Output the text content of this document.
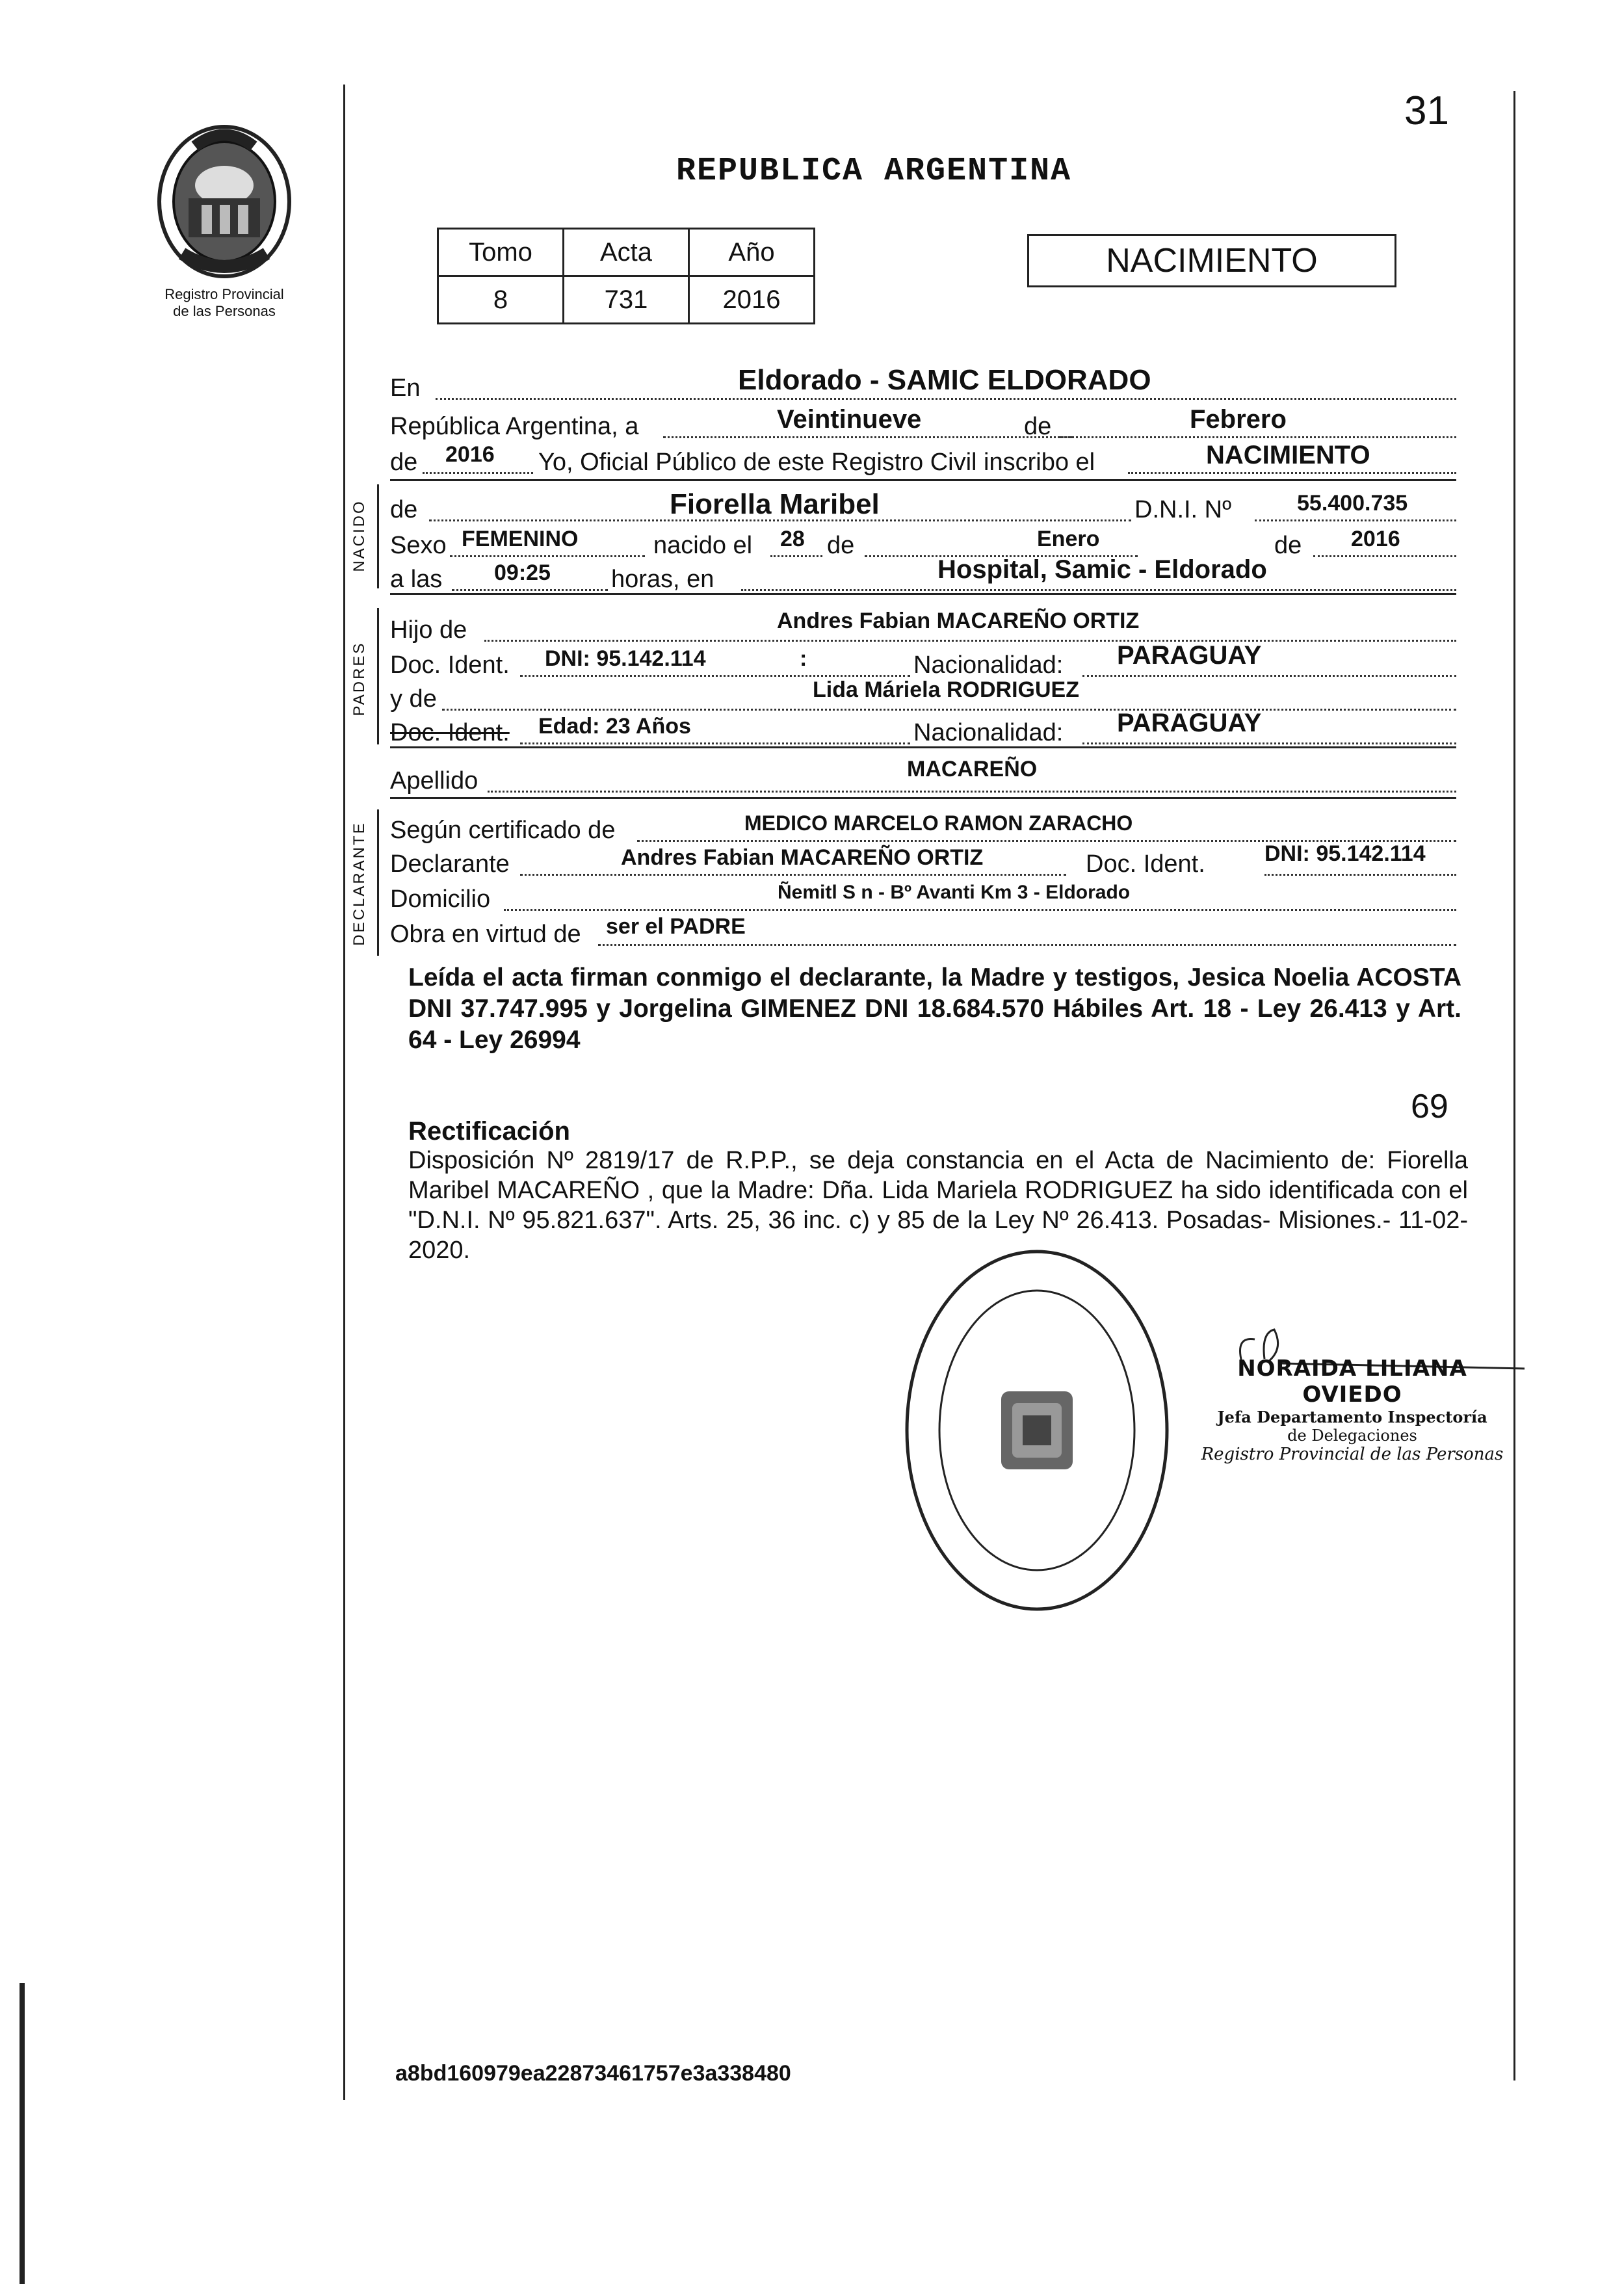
Registro Provincial
de las Personas
31
REPUBLICA ARGENTINA
Tomo	Acta	Año
8	731	2016
NACIMIENTO
En	Eldorado - SAMIC ELDORADO
República Argentina, a	Veintinueve	de	Febrero
de 2016 Yo, Oficial Público de este Registro Civil inscribo el	NACIMIENTO
NACIDO de	Fiorella Maribel	D.N.I. Nº	55.400.735
Sexo FEMENINO	nacido el 28 de	Enero	de 2016
a las 09:25 horas, en	Hospital, Samic - Eldorado
PADRES
Hijo de	Andres Fabian MACAREÑO ORTIZ
Doc. Ident. DNI: 95.142.114	:	Nacionalidad: PARAGUAY
y de	Lida Máriela RODRIGUEZ
Doc. Ident. Edad: 23 Años	Nacionalidad: PARAGUAY
Apellido	MACAREÑO
DECLARANTE Según certificado de	MEDICO MARCELO RAMON ZARACHO
Declarante	Andres Fabian MACAREÑO ORTIZ	Doc. Ident.	DNI: 95.142.114
Domicilio	Ñemitl S n - Bº Avanti Km 3 - Eldorado
Obra en virtud de ser el PADRE
Leída el acta firman conmigo el declarante, la Madre y testigos, Jesica Noelia ACOSTA DNI 37.747.995 y Jorgelina GIMENEZ DNI 18.684.570 Hábiles Art. 18 - Ley 26.413 y Art. 64 - Ley 26994
69
Rectificación
Disposición Nº 2819/17 de R.P.P., se deja constancia en el Acta de Nacimiento de: Fiorella Maribel MACAREÑO , que la Madre: Dña. Lida Mariela RODRIGUEZ ha sido identificada con el "D.N.I. Nº 95.821.637". Arts. 25, 36 inc. c) y 85 de la Ley Nº 26.413. Posadas- Misiones.- 11-02-2020.
NORAIDA LILIANA OVIEDO
Jefa Departamento Inspectoría
de Delegaciones
Registro Provincial de las Personas
a8bd160979ea22873461757e3a338480
